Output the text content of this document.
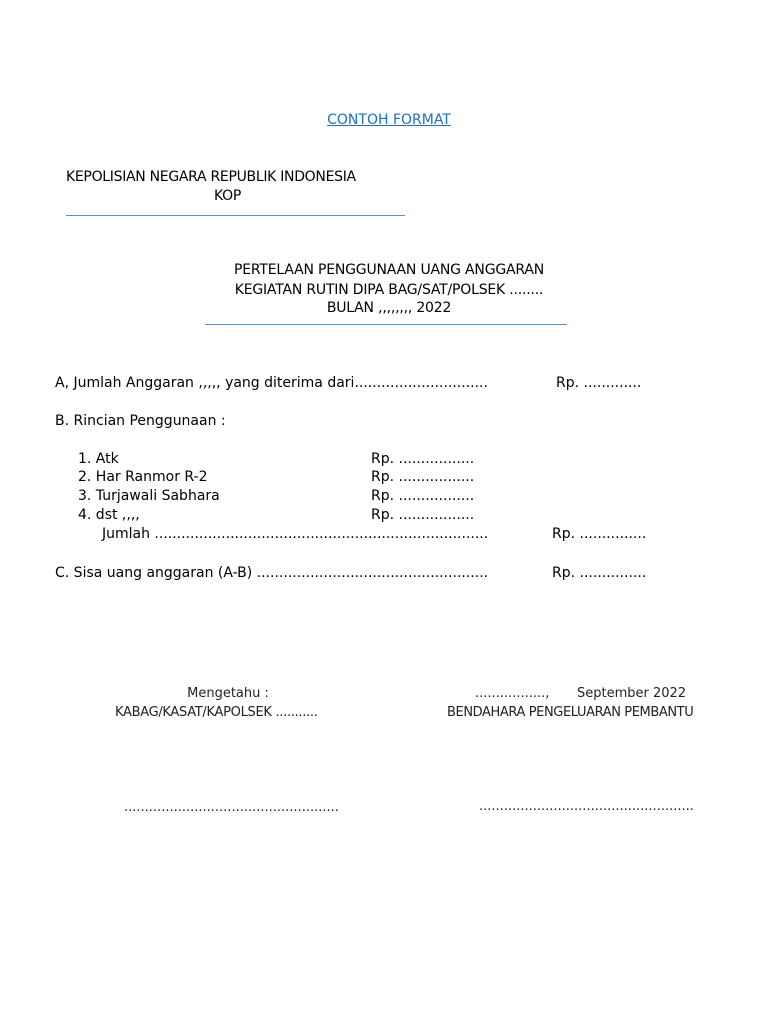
CONTOH FORMAT
KEPOLISIAN NEGARA REPUBLIK INDONESIA
KOP
PERTELAAN PENGGUNAAN UANG ANGGARAN
KEGIATAN RUTIN DIPA BAG/SAT/POLSEK ........
BULAN ,,,,,,,, 2022
A, Jumlah Anggaran ,,,,, yang diterima dari..............................	Rp. .............
B. Rincian Penggunaan :
1. Atk	Rp. .................
2. Har Ranmor R-2	Rp. .................
3. Turjawali Sabhara	Rp. .................
4. dst ,,,,	Rp. .................
Jumlah ...........................................................................	Rp. ...............
C. Sisa uang anggaran (A-B) ....................................................	Rp. ...............
Mengetahu :
KABAG/KASAT/KAPOLSEK ...........
....................................................
................., September 2022
BENDAHARA PENGELUARAN PEMBANTU
....................................................
